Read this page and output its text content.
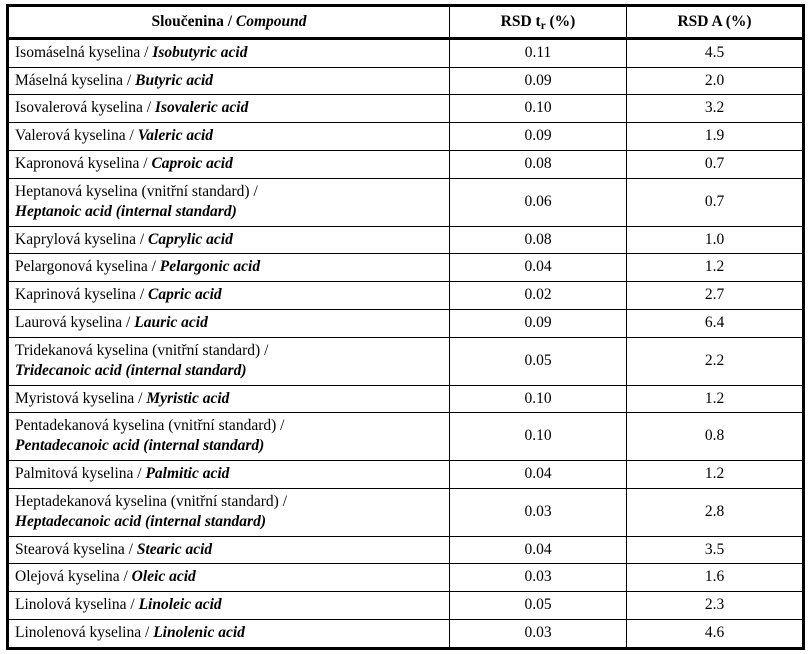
Sloučenina / Compound	RSD $t_r$ (%)	RSD A (%)
Isomáselná kyselina / Isobutyric acid	0.11	4.5
Máselná kyselina / Butyric acid	0.09	2.0
Isovalerová kyselina / Isovaleric acid	0.10	3.2
Valerová kyselina / Valeric acid	0.09	1.9
Kapronová kyselina / Caproic acid	0.08	0.7
Heptanová kyselina (vnitřní standard) /
Heptanoic acid (internal standard)	0.06	0.7
Kaprylová kyselina / Caprylic acid	0.08	1.0
Pelargonová kyselina / Pelargonic acid	0.04	1.2
Kaprinová kyselina / Capric acid	0.02	2.7
Laurová kyselina / Lauric acid	0.09	6.4
Tridekanová kyselina (vnitřní standard) /
Tridecanoic acid (internal standard)	0.05	2.2
Myristová kyselina / Myristic acid	0.10	1.2
Pentadekanová kyselina (vnitřní standard) /
Pentadecanoic acid (internal standard)	0.10	0.8
Palmitová kyselina / Palmitic acid	0.04	1.2
Heptadekanová kyselina (vnitřní standard) /
Heptadecanoic acid (internal standard)	0.03	2.8
Stearová kyselina / Stearic acid	0.04	3.5
Olejová kyselina / Oleic acid	0.03	1.6
Linolová kyselina / Linoleic acid	0.05	2.3
Linolenová kyselina / Linolenic acid	0.03	4.6
